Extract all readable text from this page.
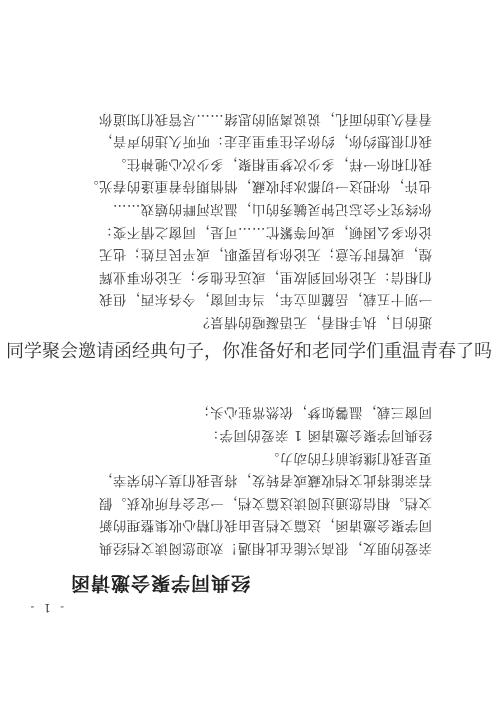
- 1 -
经典同学聚会邀请函
亲爱的朋友，很高兴能在此相遇！欢迎您阅读文档经典
同学聚会邀请函，这篇文档是由我们精心收集整理的新
文档。相信您通过阅读这篇文档，一定会有所收获。假
若亲能将此文档收藏或者转发，将是我们莫大的荣幸，
更是我们继续前行的动力。
经典同学聚会邀请函 1 亲爱的同学：
同窗三载，温馨如梦，依然常驻心头；
逝的日，执手相看，无语凝噎的情景？
一别十五载，岳麓而立年，当年同窗，今各东西，但我
们相信：无论你回到故里，或远在他乡；无论你事业辉
煌，或暂时失意；无论你身居要职，或平民百姓；也无
论你多么困顿，或何等繁忙……可是，同窗之情不变：
你终究不会忘记钟灵毓秀的山，温凉河畔的嬉戏……
也许，你把这一切都冰封收藏，悄悄期待着重逢的春光。
我们和你一样，多少次梦里相聚，多少次心驰神往。
我们很想约你，约你去往事里走走：听听久违的声音，
看看久违的面孔，说说离别的思绪……尽管我们知道你
同学聚会邀请函经典句子，你准备好和老同学们重温青春了吗
